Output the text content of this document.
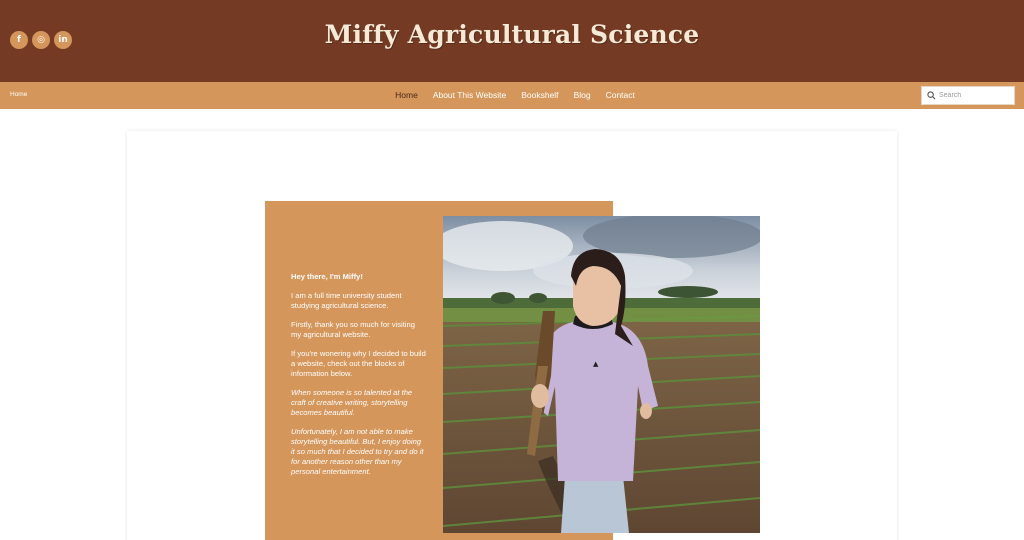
f	◎	in	Miffy Agricultural Science
Home	Home About This Website Bookshelf Blog Contact
Search

Hey there, I'm Miffy!

I am a full time university student studying agricultural science.

Firstly, thank you so much for visiting my agricultural website.

If you're wonering why I decided to build a website, check out the blocks of information below.

When someone is so talented at the craft of creative writing, storytelling becomes beautiful.

Unfortunately, I am not able to make storytelling beautiful. But, I enjoy doing it so much that I decided to try and do it for another reason other than my personal entertainment.

▲
